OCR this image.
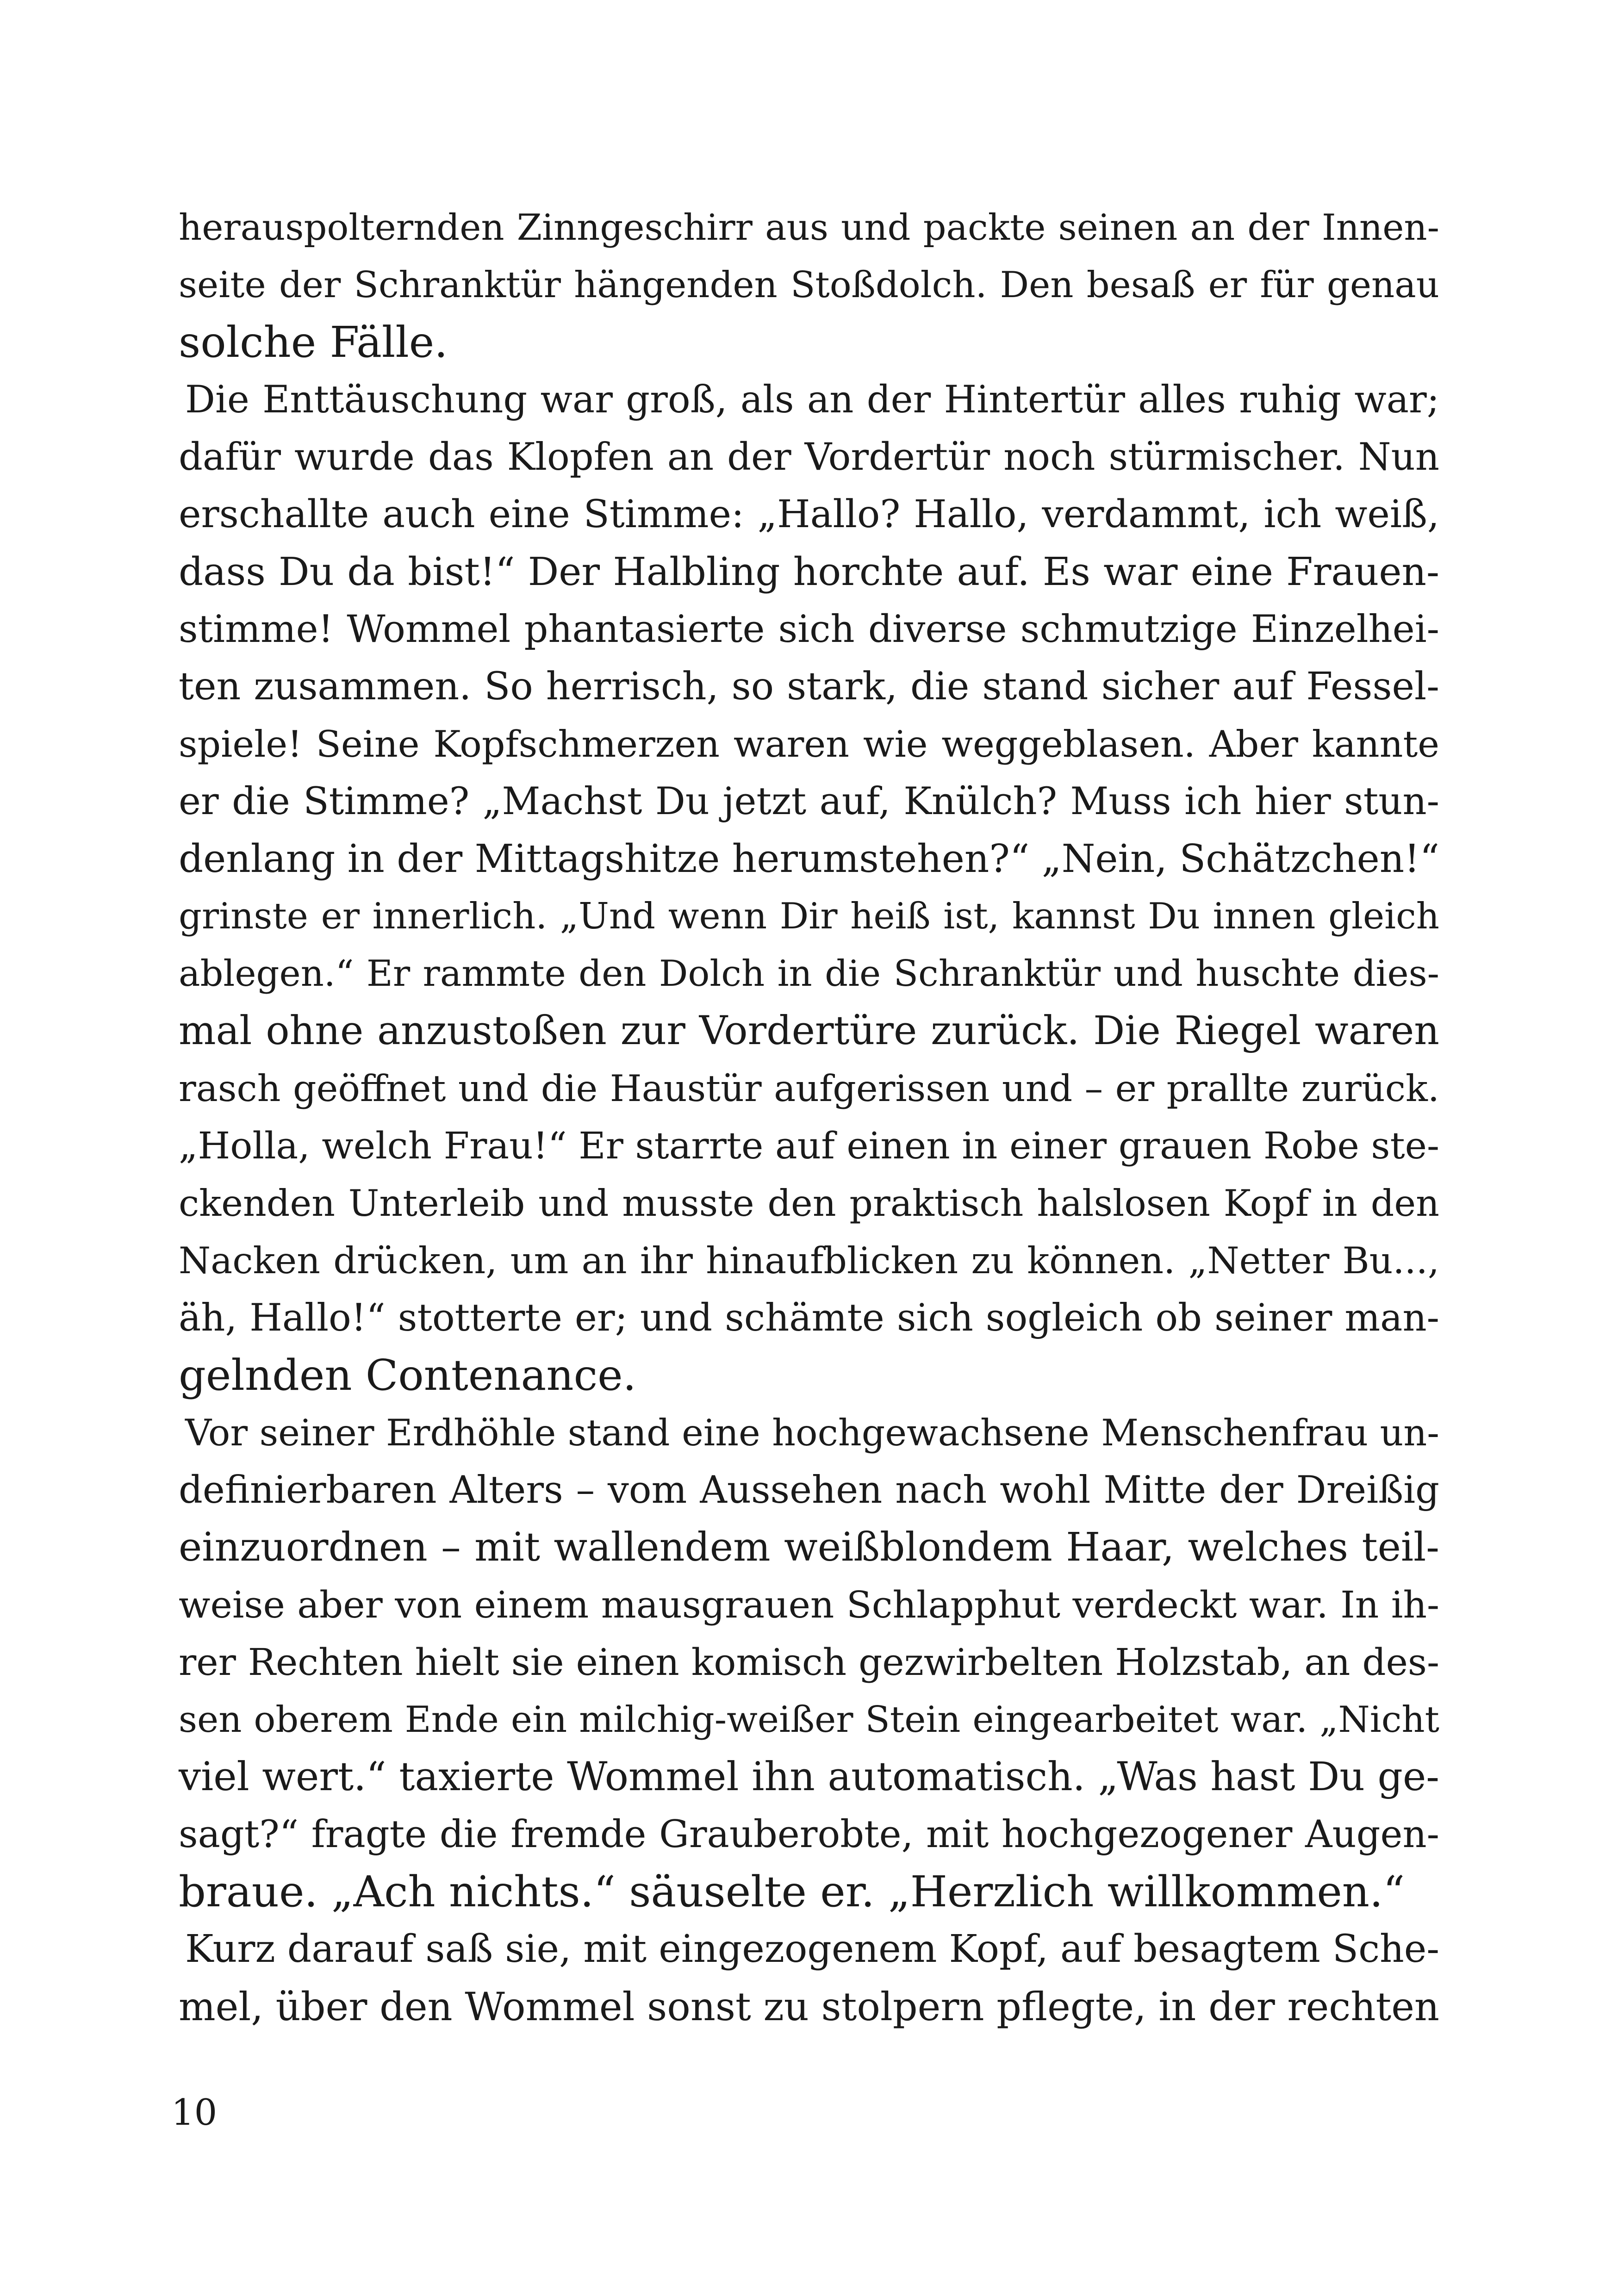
herauspolternden Zinngeschirr aus und packte seinen an der Innen-
seite der Schranktür hängenden Stoßdolch. Den besaß er für genau
solche Fälle.
Die Enttäuschung war groß, als an der Hintertür alles ruhig war;
dafür wurde das Klopfen an der Vordertür noch stürmischer. Nun
erschallte auch eine Stimme: „Hallo? Hallo, verdammt, ich weiß,
dass Du da bist!“ Der Halbling horchte auf. Es war eine Frauen-
stimme! Wommel phantasierte sich diverse schmutzige Einzelhei-
ten zusammen. So herrisch, so stark, die stand sicher auf Fessel-
spiele! Seine Kopfschmerzen waren wie weggeblasen. Aber kannte
er die Stimme? „Machst Du jetzt auf, Knülch? Muss ich hier stun-
denlang in der Mittagshitze herumstehen?“ „Nein, Schätzchen!“
grinste er innerlich. „Und wenn Dir heiß ist, kannst Du innen gleich
ablegen.“ Er rammte den Dolch in die Schranktür und huschte dies-
mal ohne anzustoßen zur Vordertüre zurück. Die Riegel waren
rasch geöffnet und die Haustür aufgerissen und – er prallte zurück.
„Holla, welch Frau!“ Er starrte auf einen in einer grauen Robe ste-
ckenden Unterleib und musste den praktisch halslosen Kopf in den
Nacken drücken, um an ihr hinaufblicken zu können. „Netter Bu...,
äh, Hallo!“ stotterte er; und schämte sich sogleich ob seiner man-
gelnden Contenance.
Vor seiner Erdhöhle stand eine hochgewachsene Menschenfrau un-
definierbaren Alters – vom Aussehen nach wohl Mitte der Dreißig
einzuordnen – mit wallendem weißblondem Haar, welches teil-
weise aber von einem mausgrauen Schlapphut verdeckt war. In ih-
rer Rechten hielt sie einen komisch gezwirbelten Holzstab, an des-
sen oberem Ende ein milchig-weißer Stein eingearbeitet war. „Nicht
viel wert.“ taxierte Wommel ihn automatisch. „Was hast Du ge-
sagt?“ fragte die fremde Grauberobte, mit hochgezogener Augen-
braue. „Ach nichts.“ säuselte er. „Herzlich willkommen.“
Kurz darauf saß sie, mit eingezogenem Kopf, auf besagtem Sche-
mel, über den Wommel sonst zu stolpern pflegte, in der rechten
10
